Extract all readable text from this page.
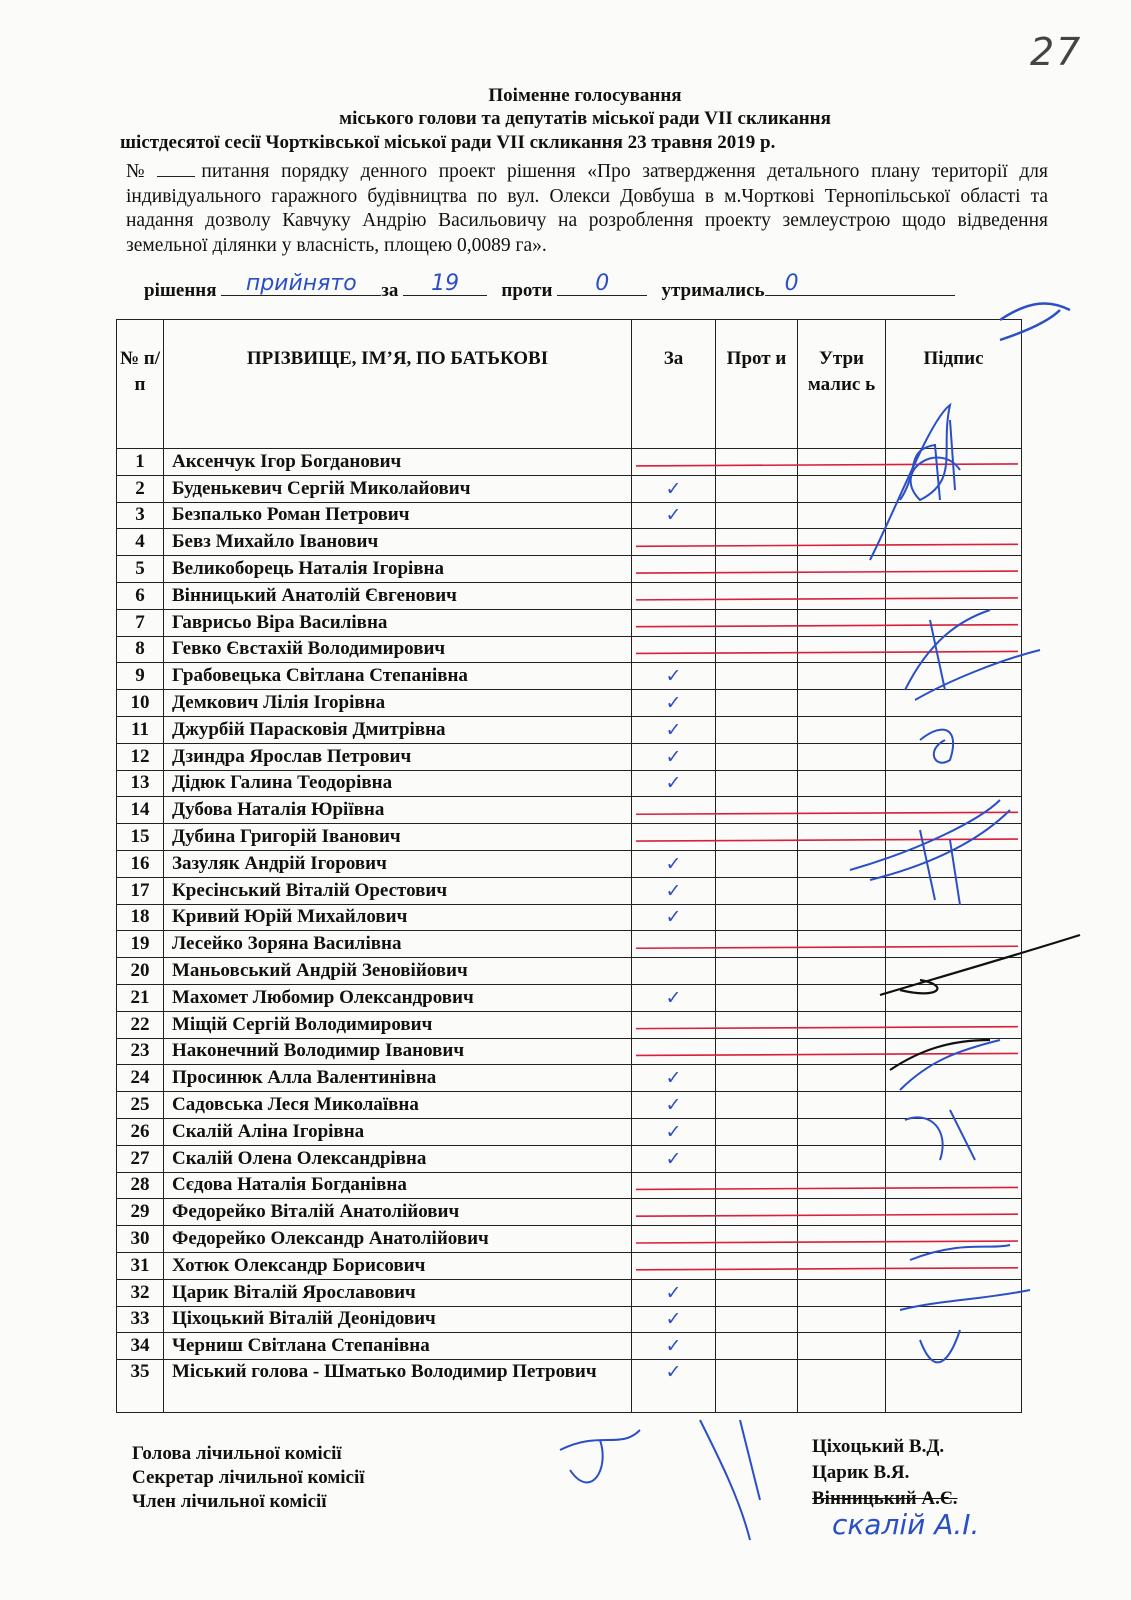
27
Поіменне голосування
міського голови та депутатів міської ради VII скликання
шістдесятої сесії Чортківської міської ради VII скликання 23 травня 2019 р.
№	питання порядку денного проект рішення «Про затвердження детального плану території для індивідуального гаражного будівництва по вул. Олекси Довбуша в м.Чорткові Тернопільської області та надання дозволу Кавчуку Андрію Васильовичу на розроблення проекту землеустрою щодо відведення земельної ділянки у власність, площею 0,0089 га».
рішення	прийнято	за	19	проти	0	утримались 0
№ п/п	ПРІЗВИЩЕ, ІМ’Я, ПО БАТЬКОВІ	За	Прот и	Утри малис ь	Підпис
1	Аксенчук Ігор Богданович				
2	Буденькевич Сергій Миколайович	✓			
3	Безпалько Роман Петрович	✓			
4	Бевз Михайло Іванович				
5	Великоборець Наталія Ігорівна				
6	Вінницький Анатолій Євгенович				
7	Гаврисьо Віра Василівна				
8	Гевко Євстахій Володимирович				
9	Грабовецька Світлана Степанівна	✓			
10	Демкович Лілія Ігорівна	✓			
11	Джурбій Парасковія Дмитрівна	✓			
12	Дзиндра Ярослав Петрович	✓			
13	Дідюк Галина Теодорівна	✓			
14	Дубова Наталія Юріївна				
15	Дубина Григорій Іванович				
16	Зазуляк Андрій Ігорович	✓			
17	Кресінський Віталій Орестович	✓			
18	Кривий Юрій Михайлович	✓			
19	Лесейко Зоряна Василівна				
20	Маньовський Андрій Зеновійович				
21	Махомет Любомир Олександрович	✓			
22	Міщій Сергій Володимирович				
23	Наконечний Володимир Іванович				
24	Просинюк Алла Валентинівна	✓			
25	Садовська Леся Миколаївна	✓			
26	Скалій Аліна Ігорівна	✓			
27	Скалій Олена Олександрівна	✓			
28	Сєдова Наталія Богданівна				
29	Федорейко Віталій Анатолійович				
30	Федорейко Олександр Анатолійович				
31	Хотюк Олександр Борисович				
32	Царик Віталій Ярославович	✓			
33	Ціхоцький Віталій Деонідович	✓			
34	Черниш Світлана Степанівна	✓			
35	Міський голова - Шматько Володимир Петрович	✓			
Голова лічильної комісії
Секретар лічильної комісії
Член лічильної комісії
Ціхоцький В.Д.
Царик В.Я.
Вінницький А.Є.
скалій А.І.
